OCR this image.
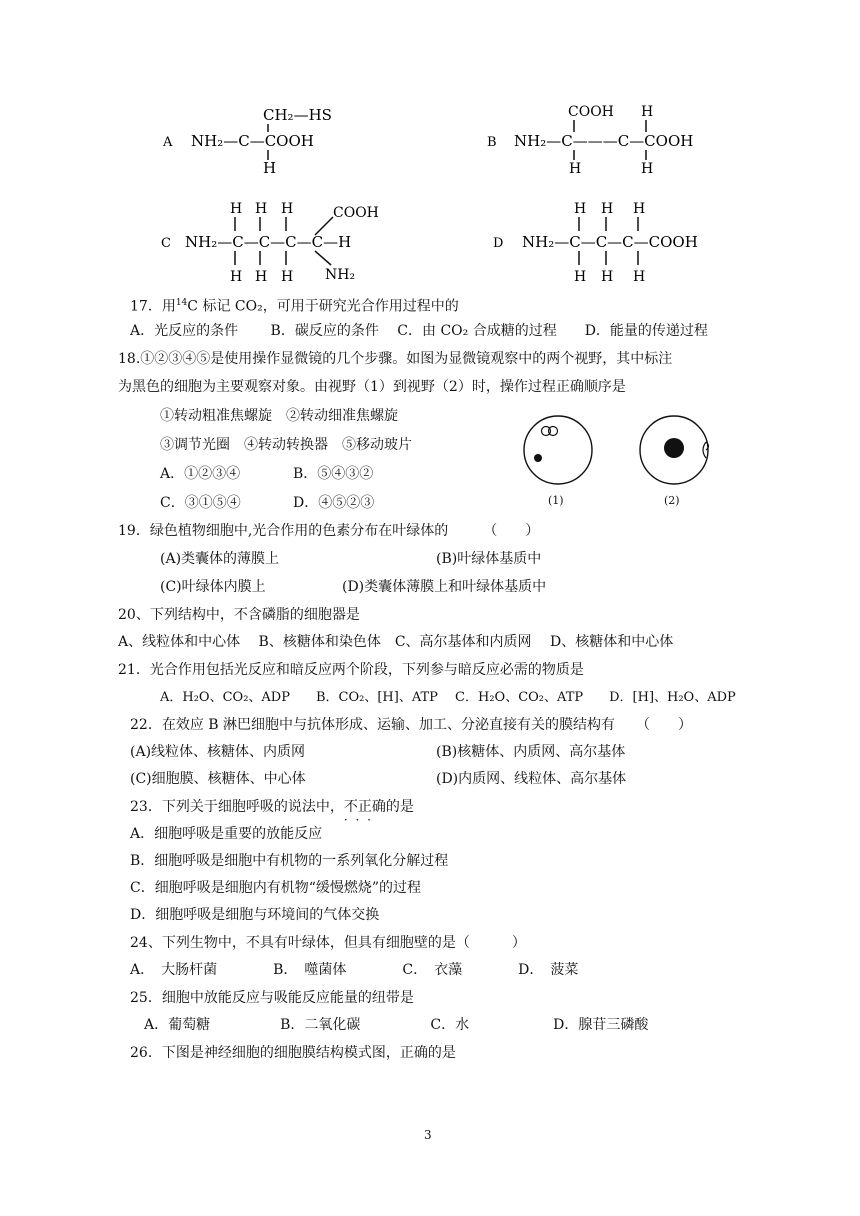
A
CH₂—HS
NH₂—C—COOH
H
B
COOH H
NH₂—C———C—COOH
H	H
C
H H H	COOH
NH₂—C—C—C—C—H
H H H NH₂
D
H H H
NH₂—C—C—C—COOH
H H H
17．用$^{14}$C 标记 CO₂，可用于研究光合作用过程中的
A．光反应的条件　　 B．碳反应的条件　 C．由 CO₂ 合成糖的过程　　D．能量的传递过程
18.①②③④⑤是使用操作显微镜的几个步骤。如图为显微镜观察中的两个视野，其中标注
为黑色的细胞为主要观察对象。由视野（1）到视野（2）时，操作过程正确顺序是
①转动粗准焦螺旋　②转动细准焦螺旋
③调节光圈　④转动转换器　⑤移动玻片
A．①②③④	B．⑤④③②
C．③①⑤④	D．④⑤②③	(1)	(2)
19．绿色植物细胞中,光合作用的色素分布在叶绿体的　　　（　　）
(A)类囊体的薄膜上	(B)叶绿体基质中
(C)叶绿体内膜上	(D)类囊体薄膜上和叶绿体基质中
20、下列结构中，不含磷脂的细胞器是
A、线粒体和中心体　 B、核糖体和染色体　C、高尔基体和内质网　 D、核糖体和中心体
21．光合作用包括光反应和暗反应两个阶段，下列参与暗反应必需的物质是
A．H₂O、CO₂、ADP　　B．CO₂、[H]、ATP　 C．H₂O、CO₂、ATP　　D．[H]、H₂O、ADP
22．在效应 B 淋巴细胞中与抗体形成、运输、加工、分泌直接有关的膜结构有　　（　　）
(A)线粒体、核糖体、内质网	(B)核糖体、内质网、高尔基体
(C)细胞膜、核糖体、中心体	(D)内质网、线粒体、高尔基体
23．下列关于细胞呼吸的说法中，不正确 · · ·的是
A．细胞呼吸是重要的放能反应
B．细胞呼吸是细胞中有机物的一系列氧化分解过程
C．细胞呼吸是细胞内有机物“缓慢燃烧”的过程
D．细胞呼吸是细胞与环境间的气体交换
24、下列生物中，不具有叶绿体，但具有细胞壁的是（　　　）
A．　大肠杆菌　　　　B．　噬菌体　　　　C．　衣藻　　　　D．　菠菜
25．细胞中放能反应与吸能反应能量的纽带是
A．葡萄糖　　　　　B．二氧化碳　　　　　C．水　　　　　　D．腺苷三磷酸
26．下图是神经细胞的细胞膜结构模式图，正确的是
3
